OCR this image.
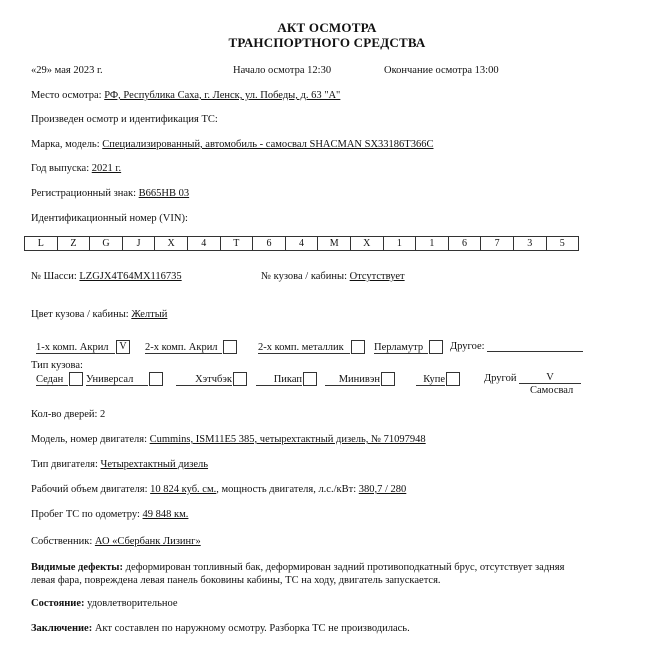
АКТ ОСМОТРА
ТРАНСПОРТНОГО СРЕДСТВА
«29» мая 2023 г.	Начало осмотра 12:30	Окончание осмотра 13:00
Место осмотра: РФ, Республика Саха, г. Ленск, ул. Победы, д. 63 "А"
Произведен осмотр и идентификация ТС:
Марка, модель: Специализированный, автомобиль - самосвал SHACMAN SX33186T366C
Год выпуска: 2021 г.
Регистрационный знак: В665НВ 03
Идентификационный номер (VIN):
L	Z	G	J	X	4	T	6	4	M	X	1	1	6	7	3	5
№ Шасси: LZGJX4T64MX116735	№ кузова / кабины: Отсутствует
Цвет кузова / кабины: Желтый
1-х комп. Акрил V	2-х комп. Акрил	2-х комп. металлик	Перламутр	Другое:
Тип кузова:
Седан	Универсал	Хэтчбэк	Пикап	Минивэн	Купе	Другой	V
Самосвал
Кол-во дверей: 2
Модель, номер двигателя: Cummins, ISM11E5 385, четырехтактный дизель, № 71097948
Тип двигателя: Четырехтактный дизель
Рабочий объем двигателя: 10 824 куб. см., мощность двигателя, л.с./кВт: 380,7 / 280
Пробег ТС по одометру: 49 848 км.
Собственник: АО «Сбербанк Лизинг»
Видимые дефекты: деформирован топливный бак, деформирован задний противоподкатный брус, отсутствует задняя левая фара, повреждена левая панель боковины кабины, ТС на ходу, двигатель запускается.
Состояние: удовлетворительное
Заключение: Акт составлен по наружному осмотру. Разборка ТС не производилась.
